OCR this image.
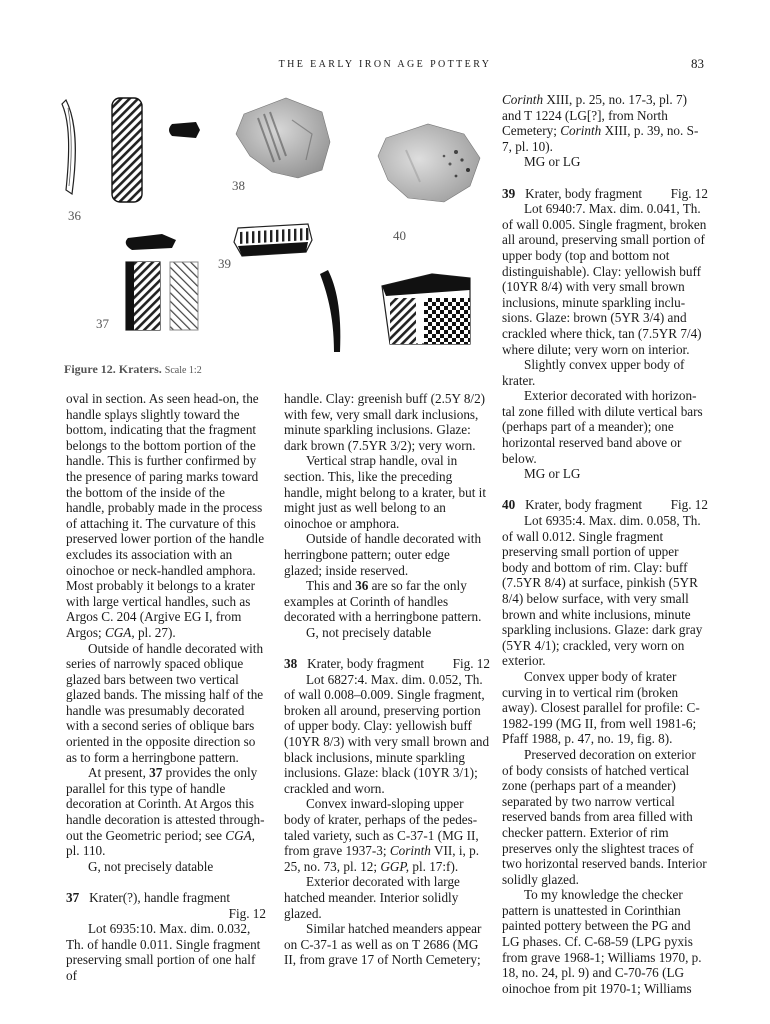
THE EARLY IRON AGE POTTERY	83
36
38
40
39
37
Figure 12. Kraters. Scale 1:2

oval in section. As seen head-on, the handle splays slightly toward the bottom, indicating that the fragment belongs to the bottom portion of the handle. This is further confirmed by the presence of paring marks toward the bottom of the inside of the handle, probably made in the process of attaching it. The curvature of this preserved lower portion of the handle excludes its association with an oinochoe or neck-handled amphora. Most probably it belongs to a krater with large vertical handles, such as Argos C. 204 (Argive EG I, from Argos; CGA, pl. 27).

Outside of handle decorated with series of narrowly spaced oblique glazed bars between two vertical glazed bands. The missing half of the handle was presumably decorated with a second series of oblique bars oriented in the opposite direction so as to form a herringbone pattern.

At present, 37 provides the only parallel for this type of handle decoration at Corinth. At Argos this handle decoration is attested through-out the Geometric period; see CGA, pl. 110.

G, not precisely datable

37 Krater(?), handle fragment

Fig. 12

Lot 6935:10. Max. dim. 0.032, Th. of handle 0.011. Single fragment preserving small portion of one half of

handle. Clay: greenish buff (2.5Y 8/2) with few, very small dark inclusions, minute sparkling inclusions. Glaze: dark brown (7.5YR 3/2); very worn.

Vertical strap handle, oval in section. This, like the preceding handle, might belong to a krater, but it might just as well belong to an oinochoe or amphora.

Outside of handle decorated with herringbone pattern; outer edge glazed; inside reserved.

This and 36 are so far the only examples at Corinth of handles decorated with a herringbone pattern.

G, not precisely datable

38 Krater, body fragment Fig. 12

Lot 6827:4. Max. dim. 0.052, Th. of wall 0.008–0.009. Single fragment, broken all around, preserving portion of upper body. Clay: yellowish buff (10YR 8/3) with very small brown and black inclusions, minute sparkling inclusions. Glaze: black (10YR 3/1); crackled and worn.

Convex inward-sloping upper body of krater, perhaps of the pedes-taled variety, such as C-37-1 (MG II, from grave 1937-3; Corinth VII, i, p. 25, no. 73, pl. 12; GGP, pl. 17:f).

Exterior decorated with large hatched meander. Interior solidly glazed.

Similar hatched meanders appear on C-37-1 as well as on T 2686 (MG II, from grave 17 of North Cemetery;

Corinth XIII, p. 25, no. 17-3, pl. 7) and T 1224 (LG[?], from North Cemetery; Corinth XIII, p. 39, no. S-7, pl. 10).

MG or LG

39 Krater, body fragment Fig. 12

Lot 6940:7. Max. dim. 0.041, Th. of wall 0.005. Single fragment, broken all around, preserving small portion of upper body (top and bottom not distinguishable). Clay: yellowish buff (10YR 8/4) with very small brown inclusions, minute sparkling inclu-sions. Glaze: brown (5YR 3/4) and crackled where thick, tan (7.5YR 7/4) where dilute; very worn on interior.

Slightly convex upper body of krater.

Exterior decorated with horizon-tal zone filled with dilute vertical bars (perhaps part of a meander); one horizontal reserved band above or below.

MG or LG

40 Krater, body fragment Fig. 12

Lot 6935:4. Max. dim. 0.058, Th. of wall 0.012. Single fragment preserving small portion of upper body and bottom of rim. Clay: buff (7.5YR 8/4) at surface, pinkish (5YR 8/4) below surface, with very small brown and white inclusions, minute sparkling inclusions. Glaze: dark gray (5YR 4/1); crackled, very worn on exterior.

Convex upper body of krater curving in to vertical rim (broken away). Closest parallel for profile: C-1982-199 (MG II, from well 1981-6; Pfaff 1988, p. 47, no. 19, fig. 8).

Preserved decoration on exterior of body consists of hatched vertical zone (perhaps part of a meander) separated by two narrow vertical reserved bands from area filled with checker pattern. Exterior of rim preserves only the slightest traces of two horizontal reserved bands. Interior solidly glazed.

To my knowledge the checker pattern is unattested in Corinthian painted pottery between the PG and LG phases. Cf. C-68-59 (LPG pyxis from grave 1968-1; Williams 1970, p. 18, no. 24, pl. 9) and C-70-76 (LG oinochoe from pit 1970-1; Williams
